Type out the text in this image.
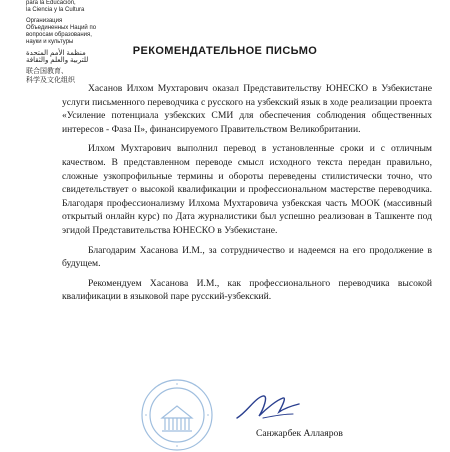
para la Educación,
la Ciencia y la Cultura
Организация
Объединенных Наций по
вопросам образования,
науки и культуры
منظمة الأمم المتحدة
للتربية والعلم والثقافة
联合国教育、
科学及文化组织
РЕКОМЕНДАТЕЛЬНОЕ ПИСЬМО

Хасанов Илхом Мухтарович оказал Представительству ЮНЕСКО в Узбекистане услуги письменного переводчика с русского на узбекский язык в ходе реализации проекта «Усиление потенциала узбекских СМИ для обеспечения соблюдения общественных интересов - Фаза II», финансируемого Правительством Великобритании.

Илхом Мухтарович выполнил перевод в установленные сроки и с отличным качеством. В представленном переводе смысл исходного текста передан правильно, сложные узкопрофильные термины и обороты переведены стилистически точно, что свидетельствует о высокой квалификации и профессиональном мастерстве переводчика. Благодаря профессионализму Илхома Мухтаровича узбекская часть МООК (массивный открытый онлайн курс) по Дата журналистики был успешно реализован в Ташкенте под эгидой Представительства ЮНЕСКО в Узбекистане.

Благодарим Хасанова И.М., за сотрудничество и надеемся на его продолжение в будущем.

Рекомендуем Хасанова И.М., как профессионального переводчика высокой квалификации в языковой паре русский-узбекский.

Санжарбек Аллаяров
